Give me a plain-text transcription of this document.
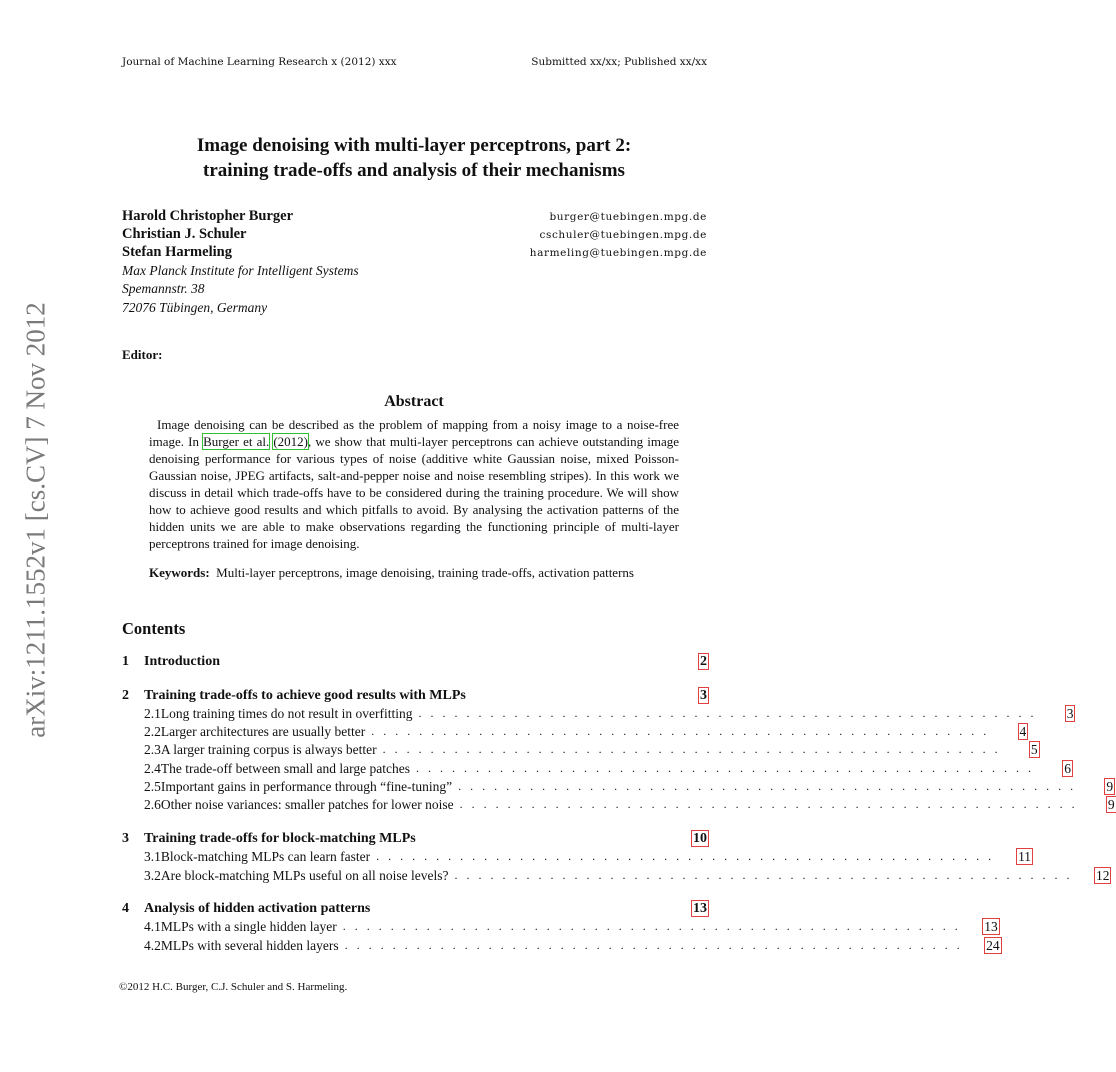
Journal of Machine Learning Research x (2012) xxx	Submitted xx/xx; Published xx/xx
arXiv:1211.1552v1 [cs.CV] 7 Nov 2012
Image denoising with multi-layer perceptrons, part 2:
training trade-offs and analysis of their mechanisms
Harold Christopher Burger	burger@tuebingen.mpg.de
Christian J. Schuler	cschuler@tuebingen.mpg.de
Stefan Harmeling	harmeling@tuebingen.mpg.de
Max Planck Institute for Intelligent Systems
Spemannstr. 38
72076 Tübingen, Germany
Editor:
Abstract

Image denoising can be described as the problem of mapping from a noisy image to a noise-free image. In Burger et al. (2012), we show that multi-layer perceptrons can achieve outstanding image denoising performance for various types of noise (additive white Gaussian noise, mixed Poisson-Gaussian noise, JPEG artifacts, salt-and-pepper noise and noise resembling stripes). In this work we discuss in detail which trade-offs have to be considered during the training procedure. We will show how to achieve good results and which pitfalls to avoid. By analysing the activation patterns of the hidden units we are able to make observations regarding the functioning principle of multi-layer perceptrons trained for image denoising.

Keywords: Multi-layer perceptrons, image denoising, training trade-offs, activation patterns

Contents
1	Introduction	2
2	Training trade-offs to achieve good results with MLPs	3
2.1 Long training times do not result in overfitting . . . . . . . . . . . . . . . . . . . . . . . . . . . . . . . . . . . . . . . . . . . . . . . . . . . .	3
2.2 Larger architectures are usually better . . . . . . . . . . . . . . . . . . . . . . . . . . . . . . . . . . . . . . . . . . . . . . . . . . . .	4
2.3 A larger training corpus is always better . . . . . . . . . . . . . . . . . . . . . . . . . . . . . . . . . . . . . . . . . . . . . . . . . . . .	5
2.4 The trade-off between small and large patches . . . . . . . . . . . . . . . . . . . . . . . . . . . . . . . . . . . . . . . . . . . . . . . . . . . .	6
2.5 Important gains in performance through “fine-tuning” . . . . . . . . . . . . . . . . . . . . . . . . . . . . . . . . . . . . . . . . . . . . . . . . . . . .	9
2.6 Other noise variances: smaller patches for lower noise . . . . . . . . . . . . . . . . . . . . . . . . . . . . . . . . . . . . . . . . . . . . . . . . . . . .	9
3	Training trade-offs for block-matching MLPs	10
3.1 Block-matching MLPs can learn faster . . . . . . . . . . . . . . . . . . . . . . . . . . . . . . . . . . . . . . . . . . . . . . . . . . . . 11
3.2 Are block-matching MLPs useful on all noise levels? . . . . . . . . . . . . . . . . . . . . . . . . . . . . . . . . . . . . . . . . . . . . . . . . . . . . 12
4	Analysis of hidden activation patterns	13
4.1 MLPs with a single hidden layer . . . . . . . . . . . . . . . . . . . . . . . . . . . . . . . . . . . . . . . . . . . . . . . . . . . . 13
4.2 MLPs with several hidden layers . . . . . . . . . . . . . . . . . . . . . . . . . . . . . . . . . . . . . . . . . . . . . . . . . . . . 24
©2012 H.C. Burger, C.J. Schuler and S. Harmeling.
